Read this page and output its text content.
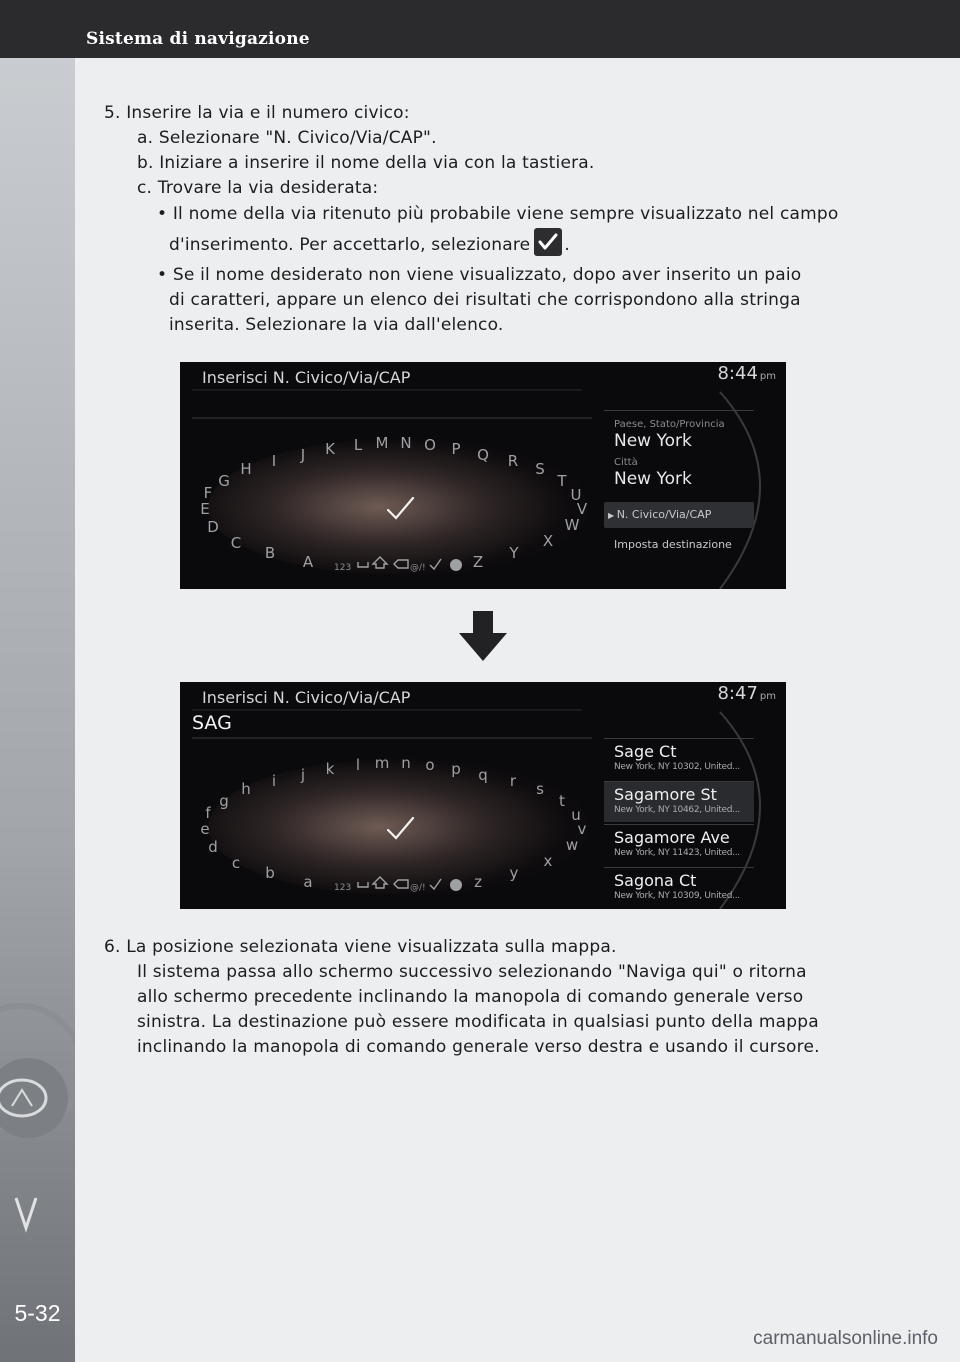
Sistema di navigazione
5-32
5. Inserire la via e il numero civico:
a. Selezionare "N. Civico/Via/CAP".
b. Iniziare a inserire il nome della via con la tastiera.
c. Trovare la via desiderata:
• Il nome della via ritenuto più probabile viene sempre visualizzato nel campo
d'inserimento. Per accettarlo, selezionare .
• Se il nome desiderato non viene visualizzato, dopo aver inserito un paio
di caratteri, appare un elenco dei risultati che corrispondono alla stringa
inserita. Selezionare la via dall'elenco.
A
B
C
D
E
F
G
H I J K L M N O P Q R S
T
U
V
W
X
Y
Z
123	@/!
Inserisci N. Civico/Via/CAP	8:44 pm
Paese, Stato/Provincia
New York
Città
New York
▶ N. Civico/Via/CAP
Imposta destinazione
a
b
c
d
e
f
g
h i j k l m n o p q r s
t
u
v
w
x
y
z
123	@/!
Inserisci N. Civico/Via/CAP	8:47 pm
SAG
Sage Ct
New York, NY 10302, United...
Sagamore St
New York, NY 10462, United...
Sagamore Ave
New York, NY 11423, United...
Sagona Ct
New York, NY 10309, United...
6. La posizione selezionata viene visualizzata sulla mappa.
Il sistema passa allo schermo successivo selezionando "Naviga qui" o ritorna
allo schermo precedente inclinando la manopola di comando generale verso
sinistra. La destinazione può essere modificata in qualsiasi punto della mappa
inclinando la manopola di comando generale verso destra e usando il cursore.
carmanualsonline.info
